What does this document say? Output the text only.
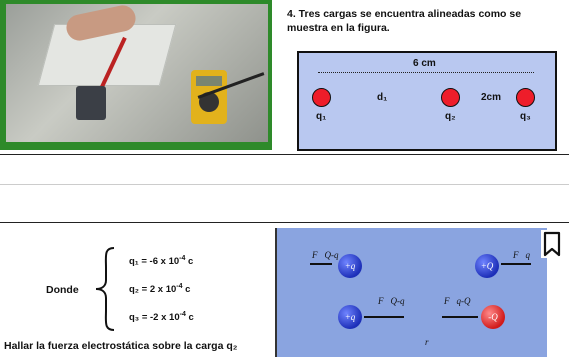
4. Tres cargas se encuentra alineadas como se
muestra en la figura.
6 cm
d₁	2cm
q₁	q₂	q₃
Donde
q₁ = -6 x $10^{-4}$ c
q₂ = 2 x $10^{-4}$ c
q₃ = -2 x $10^{-4}$ c
Hallar la fuerza electrostática sobre la carga q₂
F⃗Q-q
+q	+Q
F⃗q
+q
F⃗Q-q	F⃗q-Q
-Q
r
